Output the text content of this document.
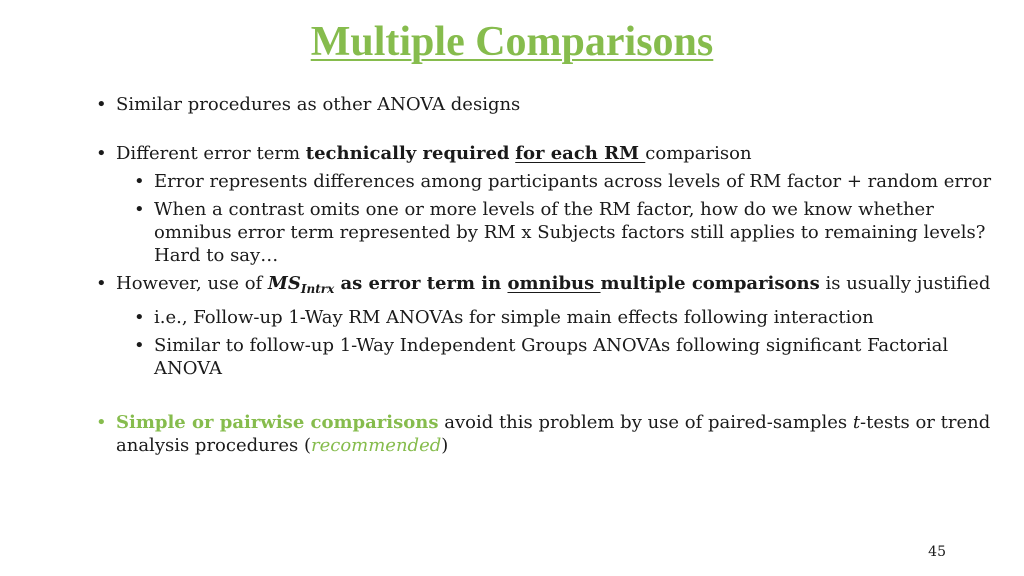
Multiple Comparisons
• Similar procedures as other ANOVA designs
• Different error term technically required for each RM comparison
• Error represents differences among participants across levels of RM factor + random error
• When a contrast omits one or more levels of the RM factor, how do we know whether omnibus error term represented by RM x Subjects factors still applies to remaining levels? Hard to say…
• However, use of $MS_{Intrx}$ as error term in omnibus multiple comparisons is usually justified
• i.e., Follow-up 1-Way RM ANOVAs for simple main effects following interaction
• Similar to follow-up 1-Way Independent Groups ANOVAs following significant Factorial ANOVA
• Simple or pairwise comparisons avoid this problem by use of paired-samples t-tests or trend analysis procedures (recommended)
45
